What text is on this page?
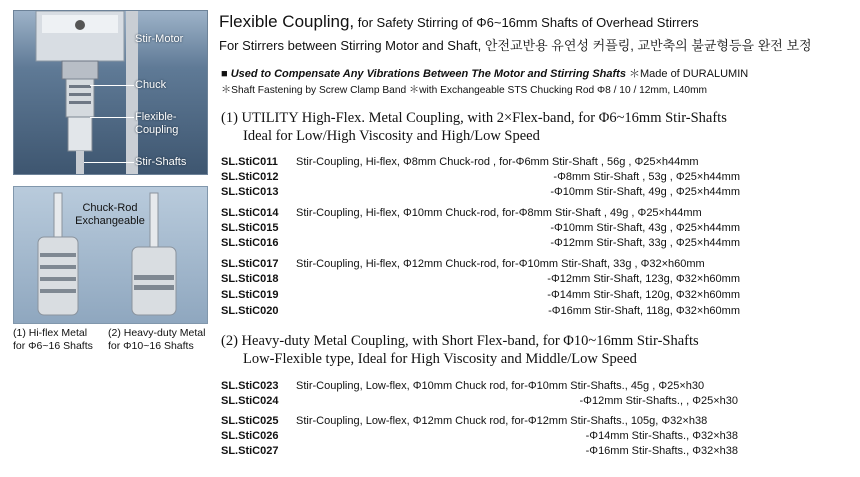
Stir-Motor
Chuck
Flexible-
Coupling
Stir-Shafts
Chuck-Rod
Exchangeable
(1) Hi-flex Metal
for Φ6~16 Shafts
(2) Heavy-duty Metal
for Φ10~16 Shafts
Flexible Coupling, for Safety Stirring of Φ6~16mm Shafts of Overhead Stirrers
For Stirrers between Stirring Motor and Shaft, 안전교반용 유연성 커플링, 교반축의 불균형등을 완전 보정
■ Used to Compensate Any Vibrations Between The Motor and Stirring Shafts ＊Made of DURALUMIN
＊Shaft Fastening by Screw Clamp Band ＊with Exchangeable STS Chucking Rod Φ8 / 10 / 12mm, L40mm
(1) UTILITY High-Flex. Metal Coupling, with 2×Flex-band, for Φ6~16mm Stir-Shafts
Ideal for Low/High Viscosity and High/Low Speed
SL.StiC011 Stir-Coupling, Hi-flex, Φ8mm Chuck-rod , for-Φ6mm Stir-Shaft , 56g , Φ25×h44mm
SL.StiC012	-Φ8mm Stir-Shaft , 53g , Φ25×h44mm
SL.StiC013	-Φ10mm Stir-Shaft, 49g , Φ25×h44mm
SL.StiC014 Stir-Coupling, Hi-flex, Φ10mm Chuck-rod, for-Φ8mm Stir-Shaft , 49g , Φ25×h44mm
SL.StiC015	-Φ10mm Stir-Shaft, 43g , Φ25×h44mm
SL.StiC016	-Φ12mm Stir-Shaft, 33g , Φ25×h44mm
SL.StiC017 Stir-Coupling, Hi-flex, Φ12mm Chuck-rod, for-Φ10mm Stir-Shaft, 33g , Φ32×h60mm
SL.StiC018	-Φ12mm Stir-Shaft, 123g, Φ32×h60mm
SL.StiC019	-Φ14mm Stir-Shaft, 120g, Φ32×h60mm
SL.StiC020	-Φ16mm Stir-Shaft, 118g, Φ32×h60mm
(2) Heavy-duty Metal Coupling, with Short Flex-band, for Φ10~16mm Stir-Shafts
Low-Flexible type, Ideal for High Viscosity and Middle/Low Speed
SL.StiC023 Stir-Coupling, Low-flex, Φ10mm Chuck rod, for-Φ10mm Stir-Shafts., 45g , Φ25×h30
SL.StiC024	-Φ12mm Stir-Shafts., , Φ25×h30
SL.StiC025 Stir-Coupling, Low-flex, Φ12mm Chuck rod, for-Φ12mm Stir-Shafts., 105g, Φ32×h38
SL.StiC026	-Φ14mm Stir-Shafts., Φ32×h38
SL.StiC027	-Φ16mm Stir-Shafts., Φ32×h38
